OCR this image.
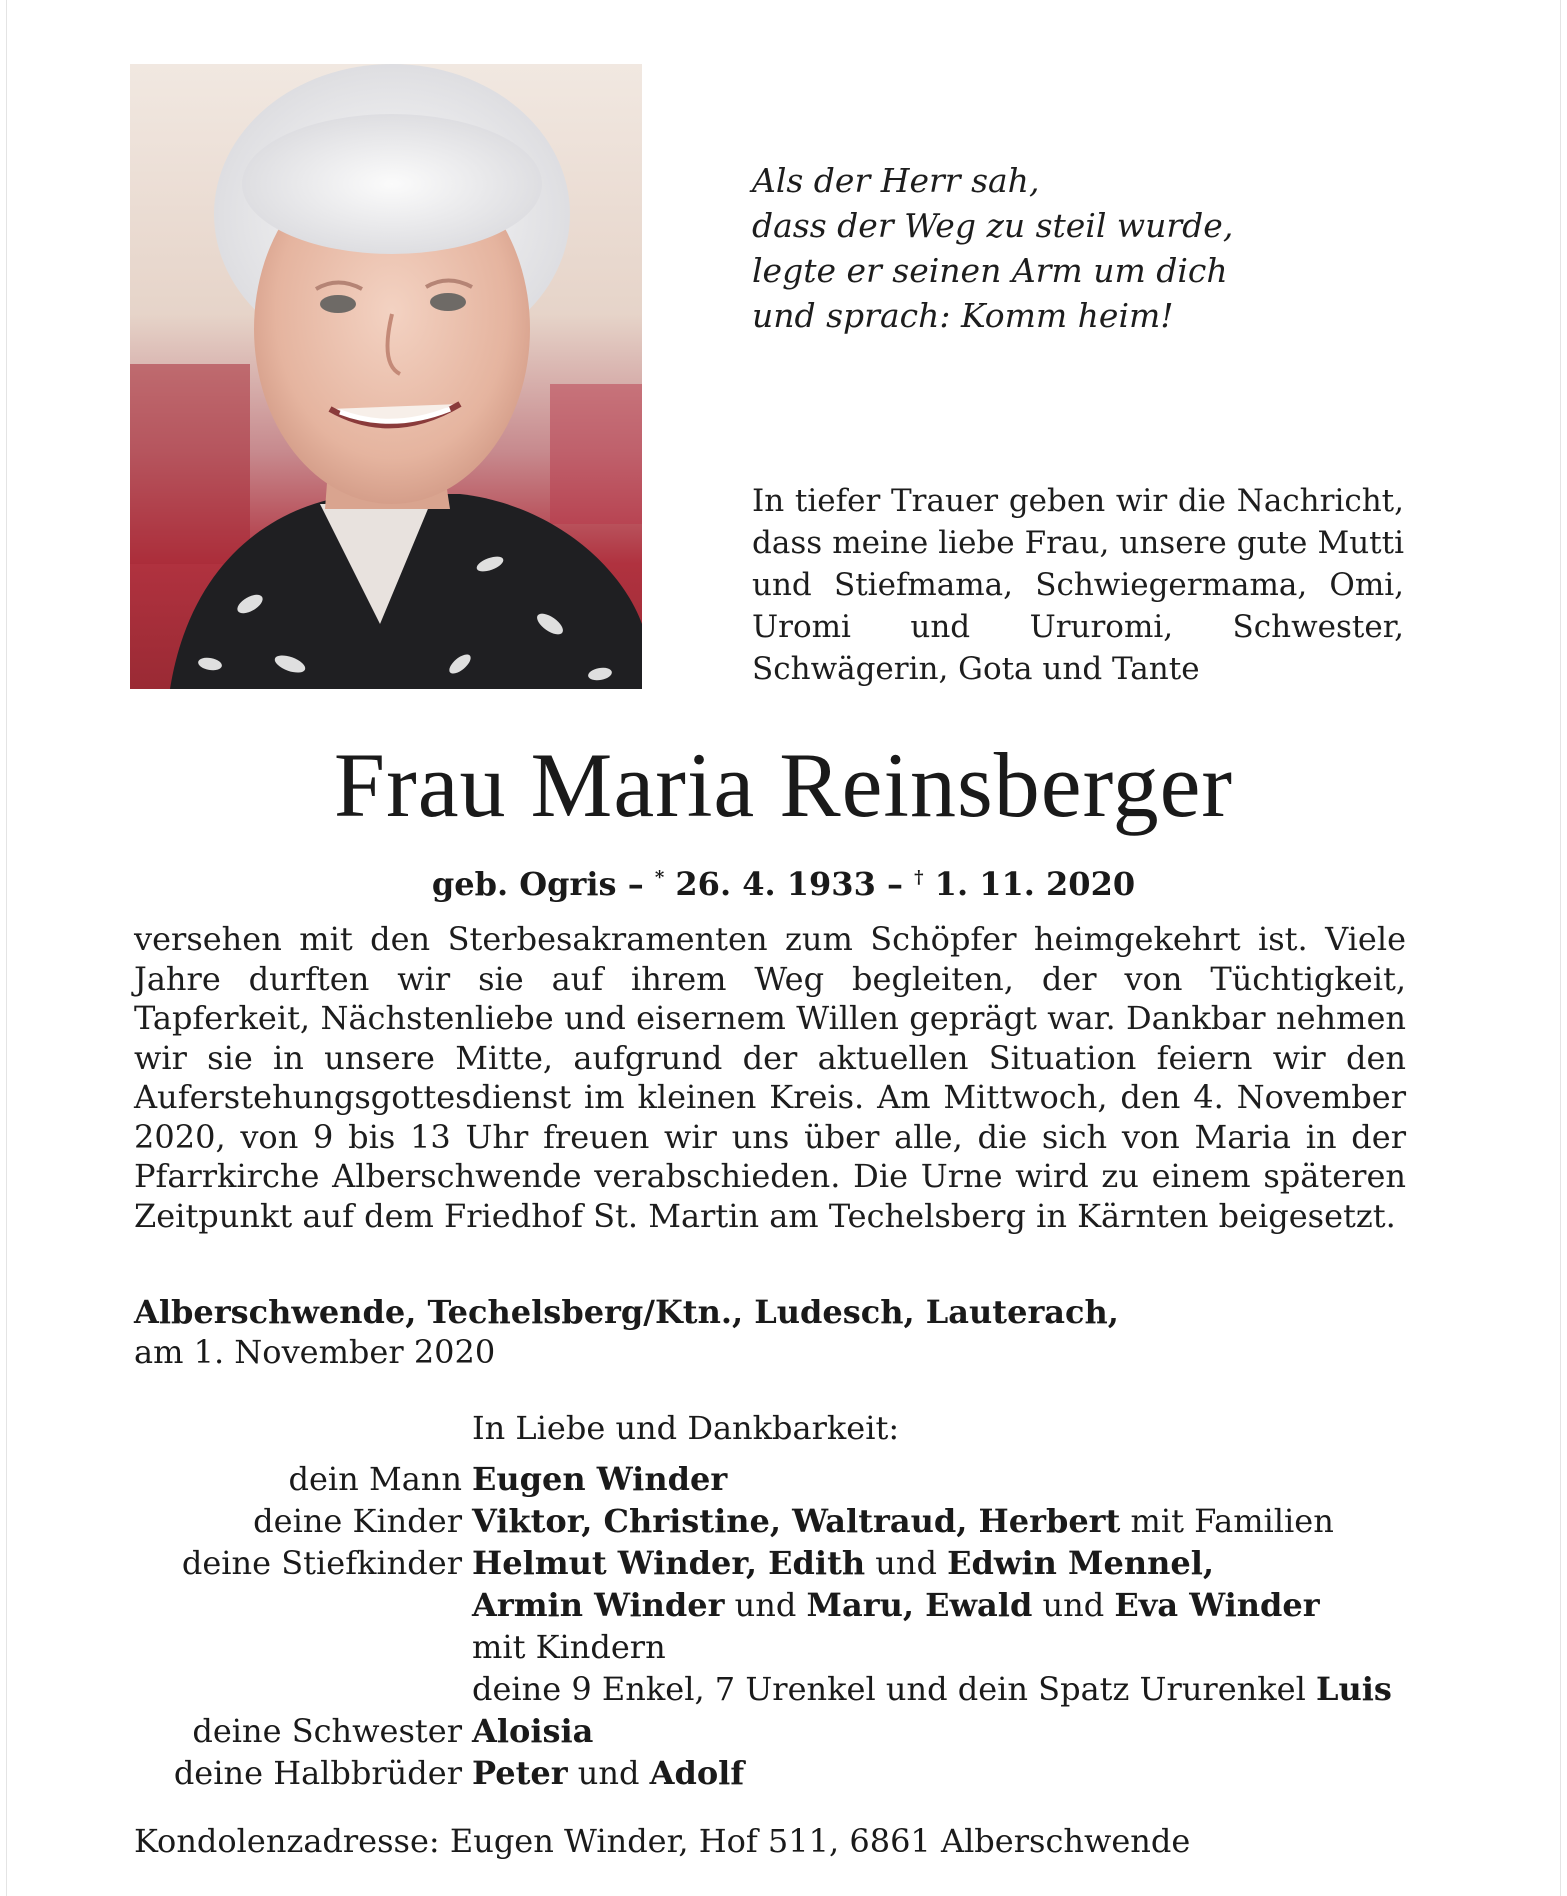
Als der Herr sah,
dass der Weg zu steil wurde,
legte er seinen Arm um dich
und sprach: Komm heim!
In tiefer Trauer geben wir die Nachricht, dass meine liebe Frau, unsere gute Mutti und Stiefmama, Schwiegermama, Omi, Uromi und Ururomi, Schwester, Schwägerin, Gota und Tante
Frau Maria Reinsberger
geb. Ogris – * 26. 4. 1933 – † 1. 11. 2020
versehen mit den Sterbesakramenten zum Schöpfer heimgekehrt ist. Viele Jahre durften wir sie auf ihrem Weg begleiten, der von Tüchtigkeit, Tapferkeit, Nächstenliebe und eisernem Willen geprägt war. Dankbar nehmen wir sie in unsere Mitte, aufgrund der aktuellen Situation feiern wir den Auferstehungsgottesdienst im kleinen Kreis. Am Mittwoch, den 4. November 2020, von 9 bis 13 Uhr freuen wir uns über alle, die sich von Maria in der Pfarrkirche Alberschwende verabschieden. Die Urne wird zu einem späteren Zeitpunkt auf dem Friedhof St. Martin am Techelsberg in Kärnten beigesetzt.
Alberschwende, Techelsberg/Ktn., Ludesch, Lauterach,
am 1. November 2020
In Liebe und Dankbarkeit:
dein Mann Eugen Winder
deine Kinder Viktor, Christine, Waltraud, Herbert mit Familien
deine Stiefkinder Helmut Winder, Edith und Edwin Mennel,
Armin Winder und Maru, Ewald und Eva Winder
mit Kindern
deine 9 Enkel, 7 Urenkel und dein Spatz Ururenkel Luis
deine Schwester Aloisia
deine Halbbrüder Peter und Adolf
Kondolenzadresse: Eugen Winder, Hof 511, 6861 Alberschwende
